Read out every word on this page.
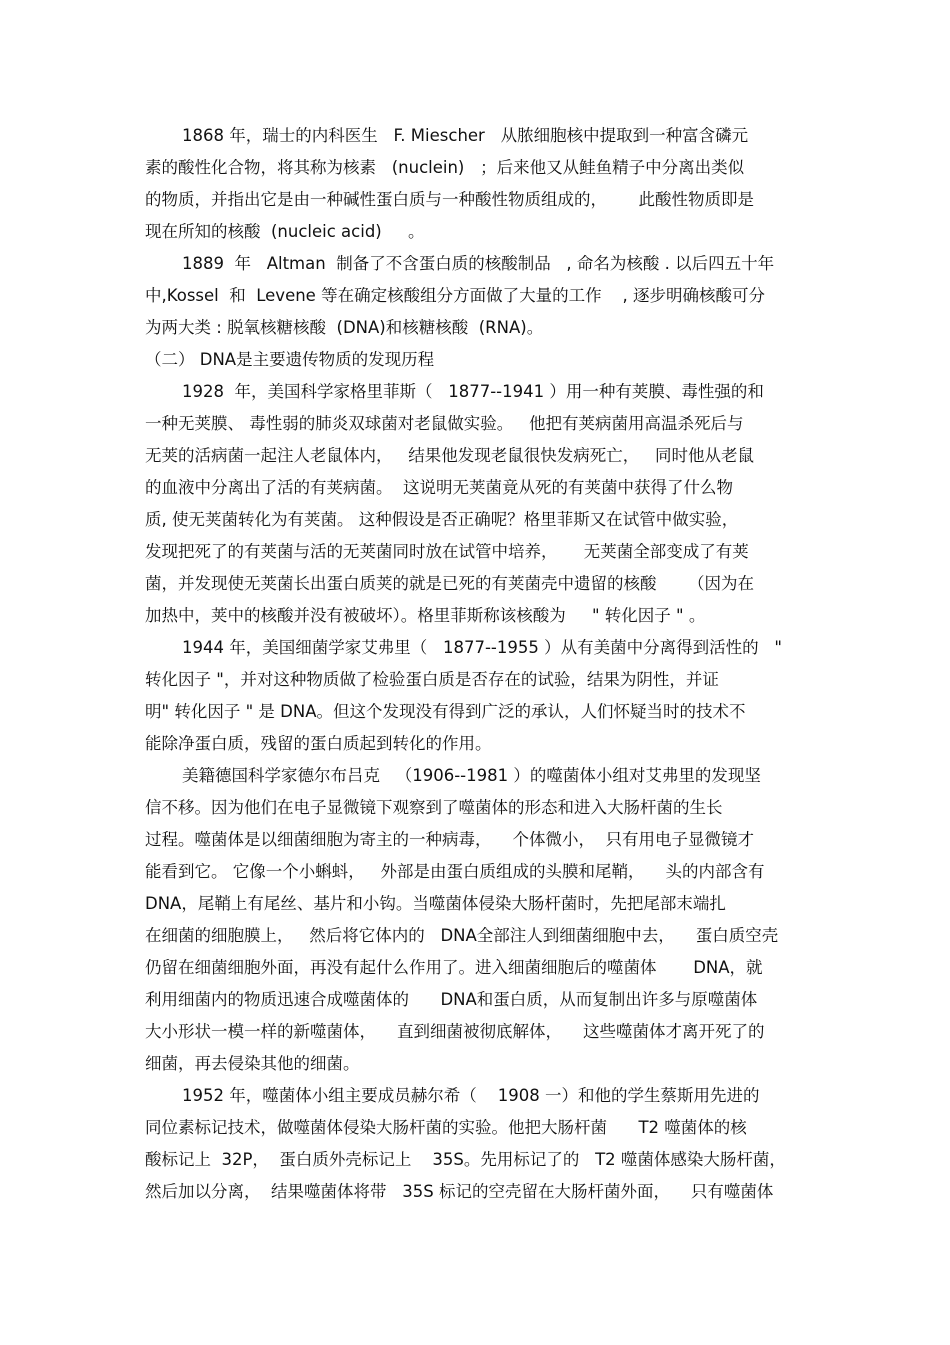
1868 年，瑞士的内科医生   F. Miescher   从脓细胞核中提取到一种富含磷元
素的酸性化合物，将其称为核素   (nuclein)   ；后来他又从鲑鱼精子中分离出类似
的物质，并指出它是由一种碱性蛋白质与一种酸性物质组成的，      此酸性物质即是
现在所知的核酸  (nucleic acid)     。
1889  年   Altman  制备了不含蛋白质的核酸制品   , 命名为核酸 . 以后四五十年
中,Kossel  和  Levene 等在确定核酸组分方面做了大量的工作    , 逐步明确核酸可分
为两大类 : 脱氧核糖核酸  (DNA)和核糖核酸  (RNA)。
（二） DNA是主要遗传物质的发现历程
1928  年，美国科学家格里菲斯（   1877--1941 ）用一种有荚膜、毒性强的和
一种无荚膜、 毒性弱的肺炎双球菌对老鼠做实验。   他把有荚病菌用高温杀死后与
无荚的活病菌一起注人老鼠体内，   结果他发现老鼠很快发病死亡，   同时他从老鼠
的血液中分离出了活的有荚病菌。  这说明无荚菌竟从死的有荚菌中获得了什么物
质, 使无荚菌转化为有荚菌。 这种假设是否正确呢？格里菲斯又在试管中做实验，
发现把死了的有荚菌与活的无荚菌同时放在试管中培养，     无荚菌全部变成了有荚
菌，并发现使无荚菌长出蛋白质荚的就是已死的有荚菌壳中遗留的核酸      （因为在
加热中，荚中的核酸并没有被破坏）。格里菲斯称该核酸为     " 转化因子 " 。
1944 年，美国细菌学家艾弗里（   1877--1955 ）从有美菌中分离得到活性的   "
转化因子 "，并对这种物质做了检验蛋白质是否存在的试验，结果为阴性，并证
明" 转化因子 " 是 DNA。但这个发现没有得到广泛的承认，人们怀疑当时的技术不
能除净蛋白质，残留的蛋白质起到转化的作用。
美籍德国科学家德尔布吕克   （1906--1981 ）的噬菌体小组对艾弗里的发现坚
信不移。因为他们在电子显微镜下观察到了噬菌体的形态和进入大肠杆菌的生长
过程。噬菌体是以细菌细胞为寄主的一种病毒，    个体微小，  只有用电子显微镜才
能看到它。 它像一个小蝌蚪，   外部是由蛋白质组成的头膜和尾鞘，    头的内部含有
DNA，尾鞘上有尾丝、基片和小钩。当噬菌体侵染大肠杆菌时，先把尾部末端扎
在细菌的细胞膜上，   然后将它体内的   DNA全部注人到细菌细胞中去，    蛋白质空壳
仍留在细菌细胞外面，再没有起什么作用了。进入细菌细胞后的噬菌体       DNA，就
利用细菌内的物质迅速合成噬菌体的      DNA和蛋白质，从而复制出许多与原噬菌体
大小形状一模一样的新噬菌体，    直到细菌被彻底解体，    这些噬菌体才离开死了的
细菌，再去侵染其他的细菌。
1952 年，噬菌体小组主要成员赫尔希（    1908 一）和他的学生蔡斯用先进的
同位素标记技术，做噬菌体侵染大肠杆菌的实验。他把大肠杆菌      T2 噬菌体的核
酸标记上  32P，  蛋白质外壳标记上    35S。先用标记了的   T2 噬菌体感染大肠杆菌，
然后加以分离，  结果噬菌体将带   35S 标记的空壳留在大肠杆菌外面，    只有噬菌体
